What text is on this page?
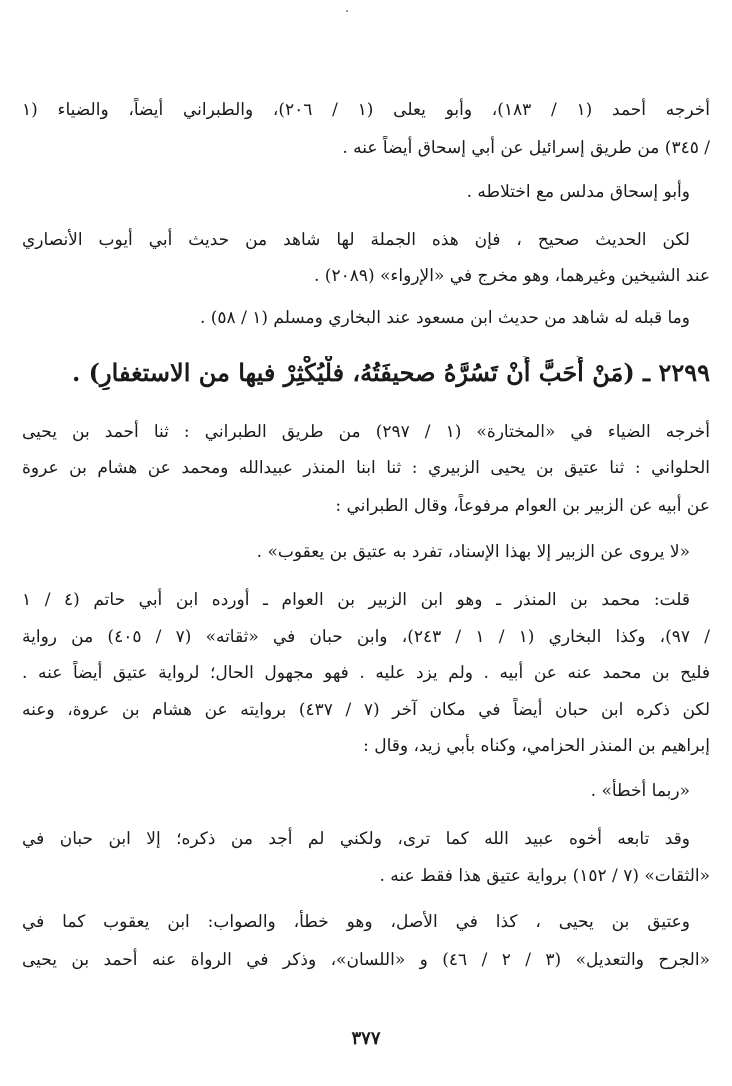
أخرجه أحمد (١ / ١٨٣)، وأبو يعلى (١ / ٢٠٦)، والطبراني أيضاً، والضياء (١
/ ٣٤٥) من طريق إسرائيل عن أبي إسحاق أيضاً عنه .
وأبو إسحاق مدلس مع اختلاطه .
لكن الحديث صحيح ، فإن هذه الجملة لها شاهد من حديث أبي أيوب الأنصاري
عند الشيخين وغيرهما، وهو مخرج في «الإرواء» (٢٠٨٩) .
وما قبله له شاهد من حديث ابن مسعود عند البخاري ومسلم (١ / ٥٨) .
٢٢٩٩ ـ (مَنْ أَحَبَّ أَنْ تَسُرَّهُ صحيفَتُهُ، فلْيُكْثِرْ فيها من الاستغفارِ) .
أخرجه الضياء في «المختارة» (١ / ٢٩٧) من طريق الطبراني : ثنا أحمد بن يحيى
الحلواني : ثنا عتيق بن يحيى الزبيري : ثنا ابنا المنذر عبيدالله ومحمد عن هشام بن عروة
عن أبيه عن الزبير بن العوام مرفوعاً، وقال الطبراني :
«لا يروى عن الزبير إلا بهذا الإسناد، تفرد به عتيق بن يعقوب» .
قلت: محمد بن المنذر ـ وهو ابن الزبير بن العوام ـ أورده ابن أبي حاتم (٤ / ١
/ ٩٧)، وكذا البخاري (١ / ١ / ٢٤٣)، وابن حبان في «ثقاته» (٧ / ٤٠٥) من رواية
فليح بن محمد عنه عن أبيه . ولم يزد عليه . فهو مجهول الحال؛ لرواية عتيق أيضاً عنه .
لكن ذكره ابن حبان أيضاً في مكان آخر (٧ / ٤٣٧) بروايته عن هشام بن عروة، وعنه
إبراهيم بن المنذر الحزامي، وكناه بأبي زيد، وقال :
«ربما أخطأ» .
وقد تابعه أخوه عبيد الله كما ترى، ولكني لم أجد من ذكره؛ إلا ابن حبان في
«الثقات» (٧ / ١٥٢) برواية عتيق هذا فقط عنه .
وعتيق بن يحيى ، كذا في الأصل، وهو خطأ، والصواب: ابن يعقوب كما في
«الجرح والتعديل» (٣ / ٢ / ٤٦) و «اللسان»، وذكر في الرواة عنه أحمد بن يحيى
٣٧٧
